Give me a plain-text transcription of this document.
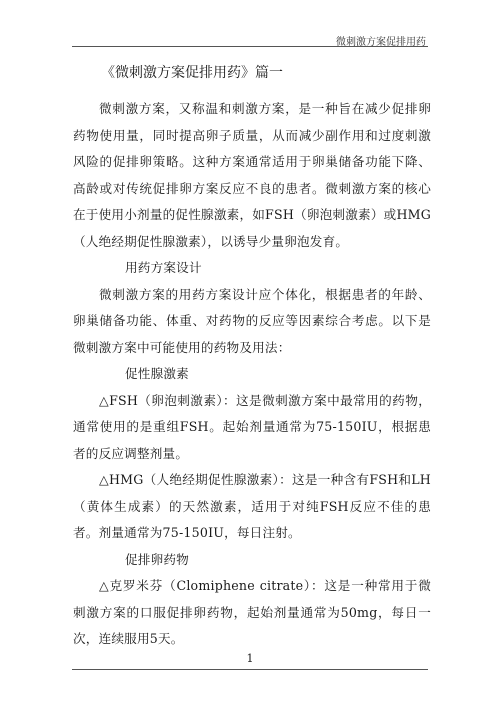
微刺激方案促排用药
《微刺激方案促排用药》篇一

微刺激方案，又称温和刺激方案，是一种旨在减少促排卵药物使用量，同时提高卵子质量，从而减少副作用和过度刺激风险的促排卵策略。这种方案通常适用于卵巢储备功能下降、高龄或对传统促排卵方案反应不良的患者。微刺激方案的核心在于使用小剂量的促性腺激素，如FSH（卵泡刺激素）或HMG（人绝经期促性腺激素），以诱导少量卵泡发育。

用药方案设计

微刺激方案的用药方案设计应个体化，根据患者的年龄、卵巢储备功能、体重、对药物的反应等因素综合考虑。以下是微刺激方案中可能使用的药物及用法：

促性腺激素

△FSH（卵泡刺激素）：这是微刺激方案中最常用的药物，通常使用的是重组FSH。起始剂量通常为75-150IU，根据患者的反应调整剂量。

△HMG（人绝经期促性腺激素）：这是一种含有FSH和LH（黄体生成素）的天然激素，适用于对纯FSH反应不佳的患者。剂量通常为75-150IU，每日注射。

促排卵药物

△克罗米芬（Clomiphene citrate）：这是一种常用于微刺激方案的口服促排卵药物，起始剂量通常为50mg，每日一次，连续服用5天。

1
